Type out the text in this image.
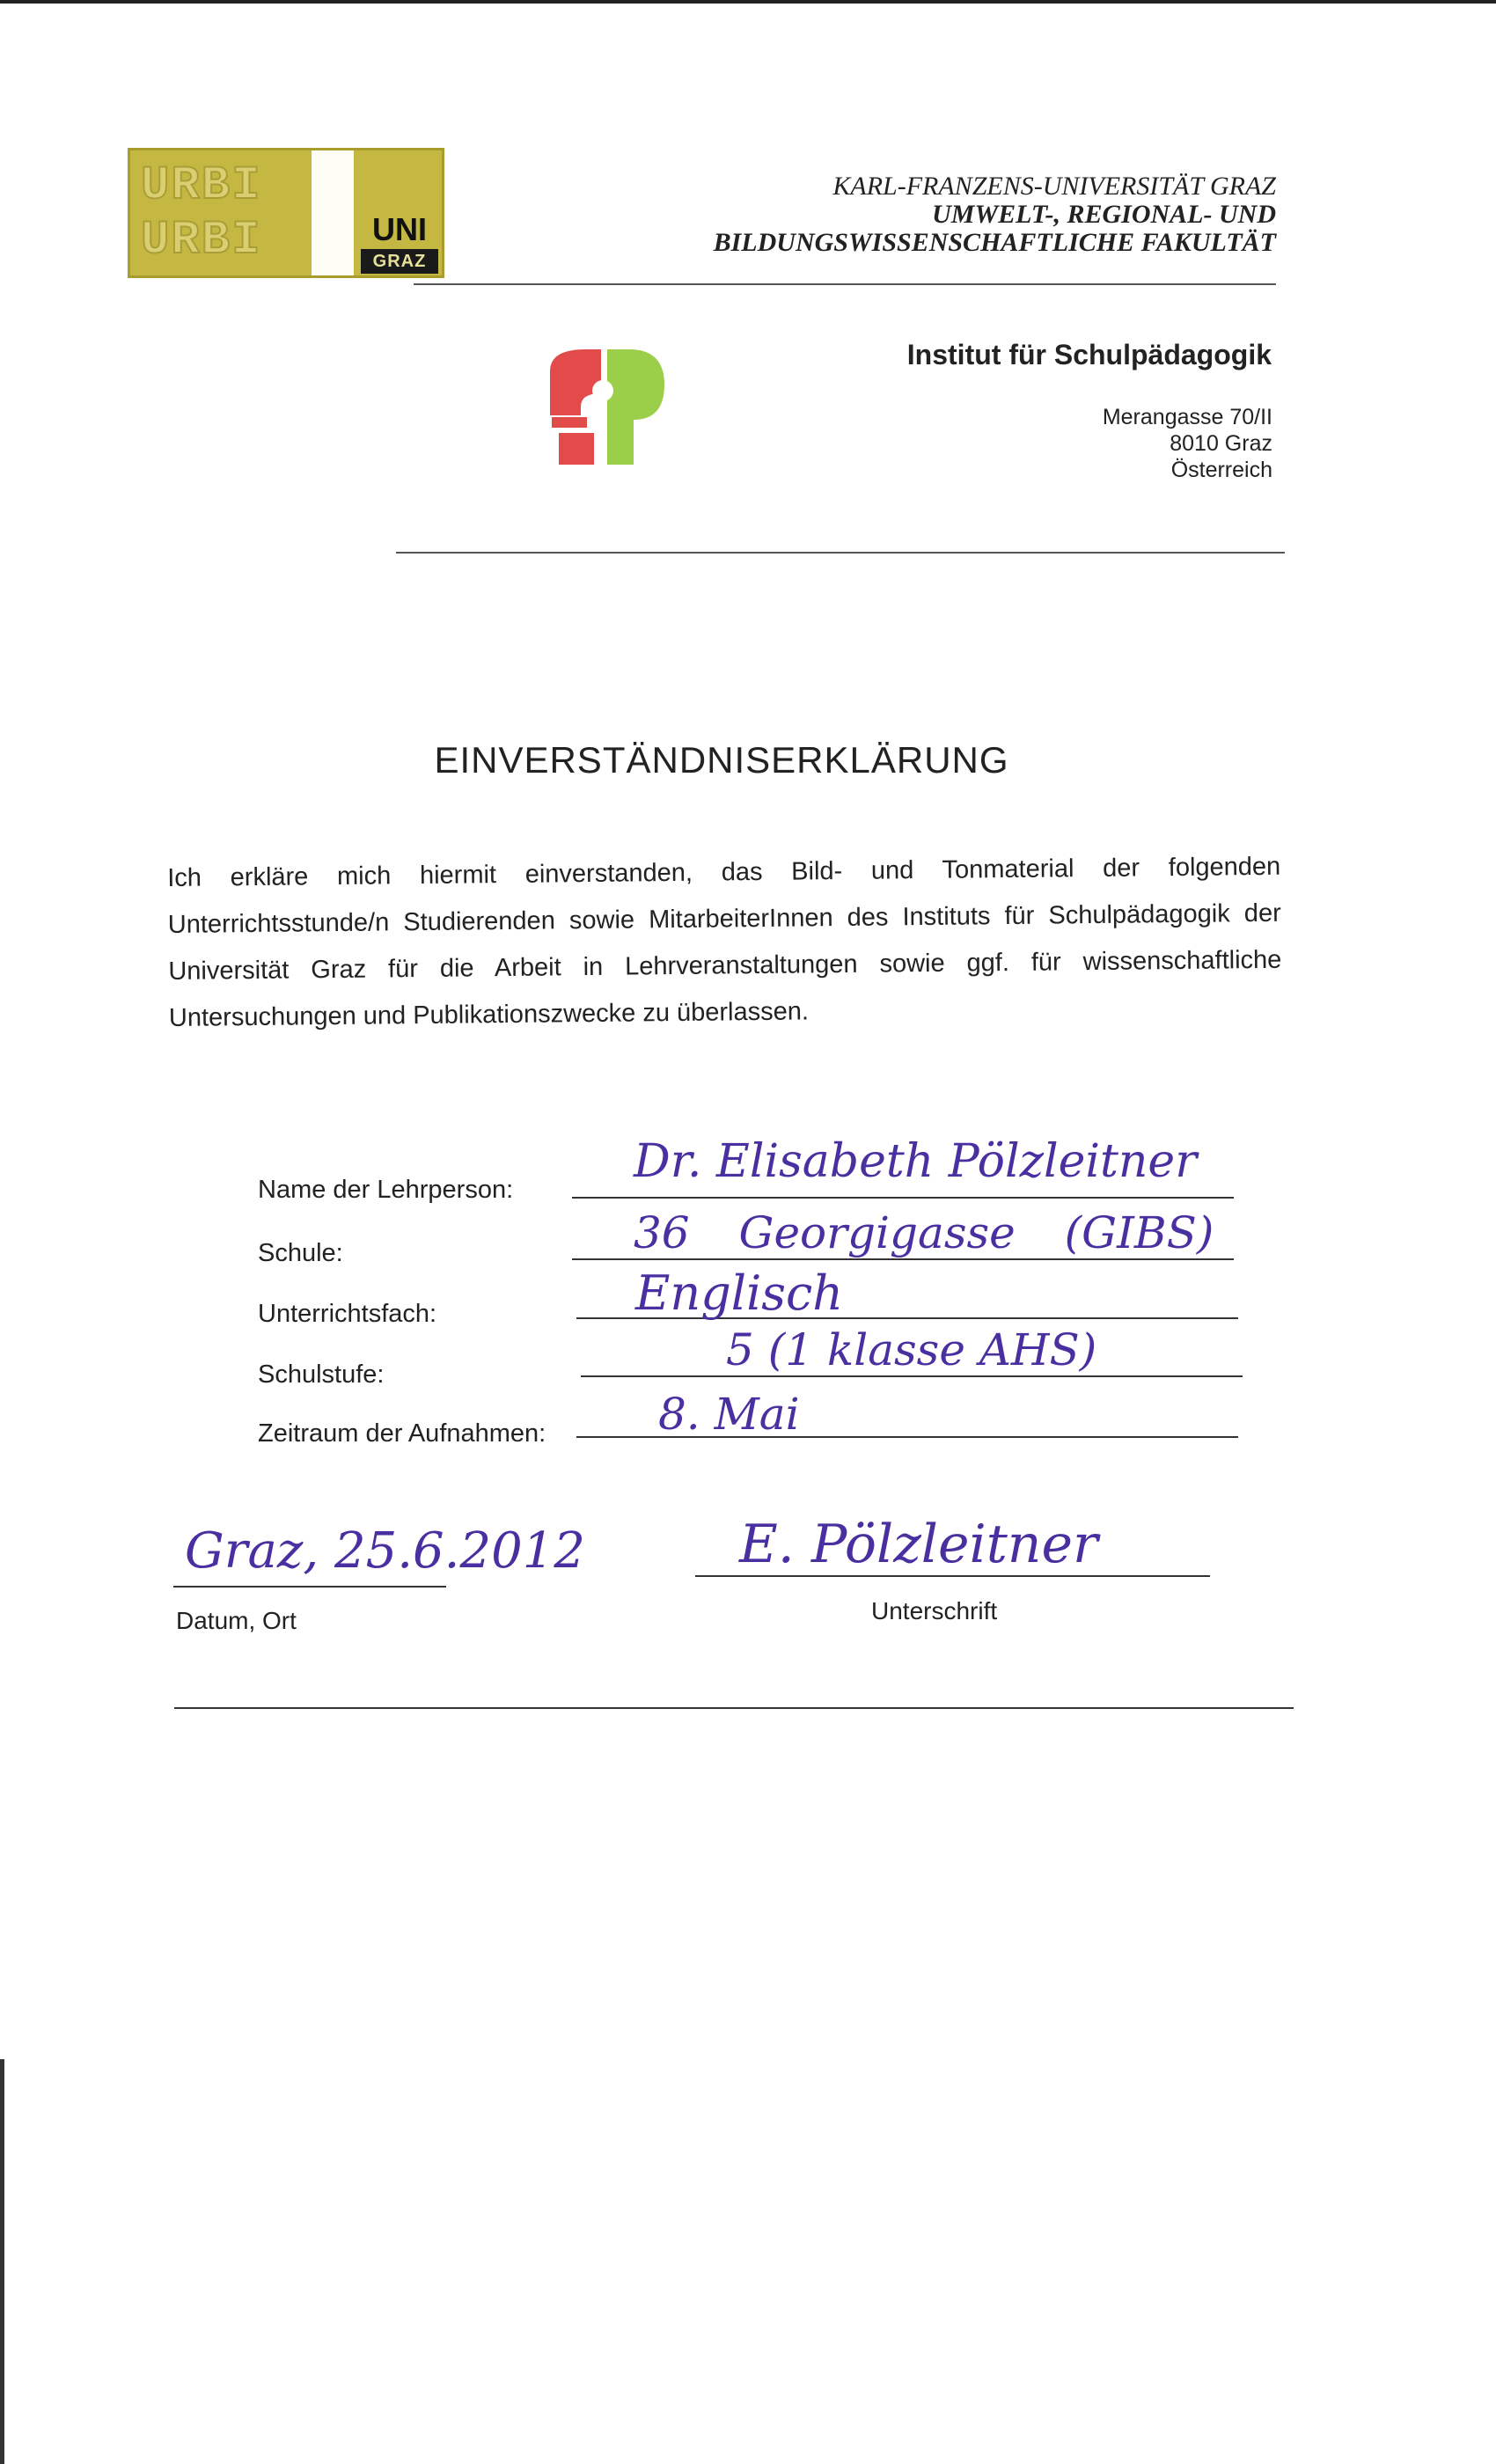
URBI URBI	UNI
GRAZ
KARL-FRANZENS-UNIVERSITÄT GRAZ
UMWELT-, REGIONAL- UND
BILDUNGSWISSENSCHAFTLICHE FAKULTÄT
Institut für Schulpädagogik
Merangasse 70/II
8010 Graz
Österreich
EINVERSTÄNDNISERKLÄRUNG
Ich erkläre mich hiermit einverstanden, das Bild- und Tonmaterial der folgenden Unterrichtsstunde/n Studierenden sowie MitarbeiterInnen des Instituts für Schulpädagogik der Universität Graz für die Arbeit in Lehrveranstaltungen sowie ggf. für wissenschaftliche Untersuchungen und Publikationszwecke zu überlassen.
Name der Lehrperson:
Dr. Elisabeth Pölzleitner
Schule:	36 Georgigasse (GIBS)
Unterrichtsfach:	Englisch
Schulstufe:	5 (1 klasse AHS)
Zeitraum der Aufnahmen:	8. Mai
Graz, 25.6.2012
Datum, Ort
E. Pölzleitner
Unterschrift
